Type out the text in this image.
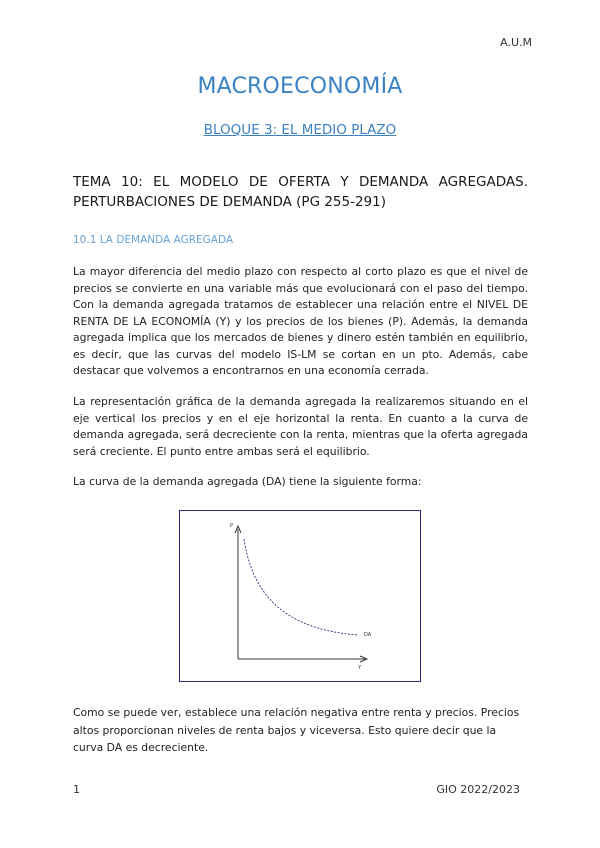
A.U.M
MACROECONOMÍA
BLOQUE 3: EL MEDIO PLAZO
TEMA 10: EL MODELO DE OFERTA Y DEMANDA AGREGADAS. PERTURBACIONES DE DEMANDA (PG 255-291)
10.1 LA DEMANDA AGREGADA
La mayor diferencia del medio plazo con respecto al corto plazo es que el nivel de precios se convierte en una variable más que evolucionará con el paso del tiempo. Con la demanda agregada tratamos de establecer una relación entre el NIVEL DE RENTA DE LA ECONOMÍA (Y) y los precios de los bienes (P). Además, la demanda agregada implica que los mercados de bienes y dinero estén también en equilibrio, es decir, que las curvas del modelo IS-LM se cortan en un pto. Además, cabe destacar que volvemos a encontrarnos en una economía cerrada.
La representación gráfica de la demanda agregada la realizaremos situando en el eje vertical los precios y en el eje horizontal la renta. En cuanto a la curva de demanda agregada, será decreciente con la renta, mientras que la oferta agregada será creciente. El punto entre ambas será el equilibrio.
La curva de la demanda agregada (DA) tiene la siguiente forma:
P
Y
DA
Como se puede ver, establece una relación negativa entre renta y precios. Precios altos proporcionan niveles de renta bajos y viceversa. Esto quiere decir que la curva DA es decreciente.
1	GIO 2022/2023
